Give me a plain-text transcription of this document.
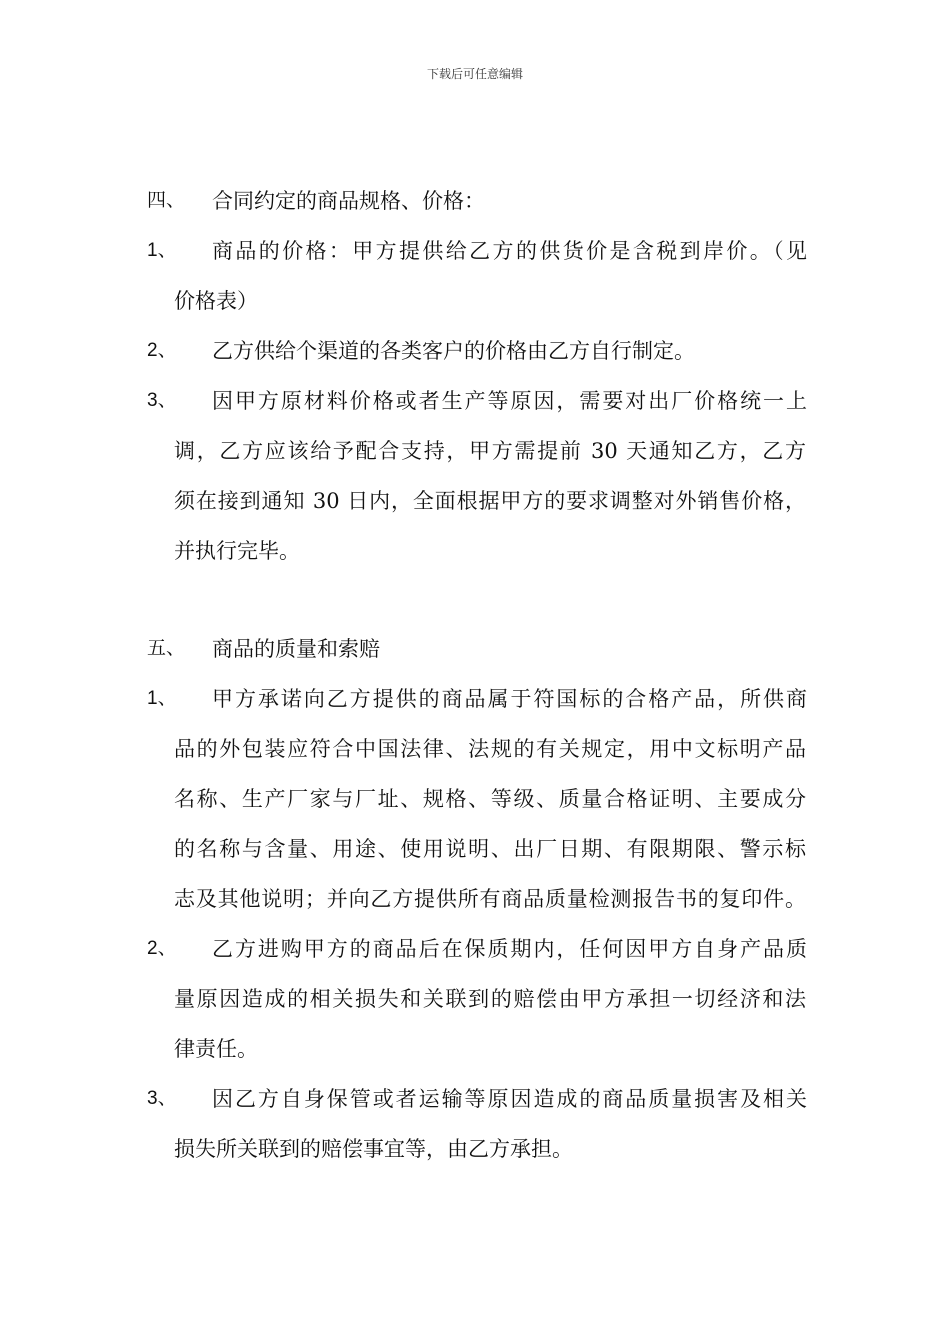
下载后可任意编辑
四、 合同约定的商品规格、价格：
1、 商品的价格：甲方提供给乙方的供货价是含税到岸价。（见
价格表）
2、 乙方供给个渠道的各类客户的价格由乙方自行制定。
3、 因甲方原材料价格或者生产等原因，需要对出厂价格统一上
调，乙方应该给予配合支持，甲方需提前 30 天通知乙方，乙方
须在接到通知 30 日内，全面根据甲方的要求调整对外销售价格，
并执行完毕。
五、 商品的质量和索赔
1、 甲方承诺向乙方提供的商品属于符国标的合格产品，所供商
品的外包装应符合中国法律、法规的有关规定，用中文标明产品
名称、生产厂家与厂址、规格、等级、质量合格证明、主要成分
的名称与含量、用途、使用说明、出厂日期、有限期限、警示标
志及其他说明；并向乙方提供所有商品质量检测报告书的复印件。
2、 乙方进购甲方的商品后在保质期内，任何因甲方自身产品质
量原因造成的相关损失和关联到的赔偿由甲方承担一切经济和法
律责任。
3、 因乙方自身保管或者运输等原因造成的商品质量损害及相关
损失所关联到的赔偿事宜等，由乙方承担。
